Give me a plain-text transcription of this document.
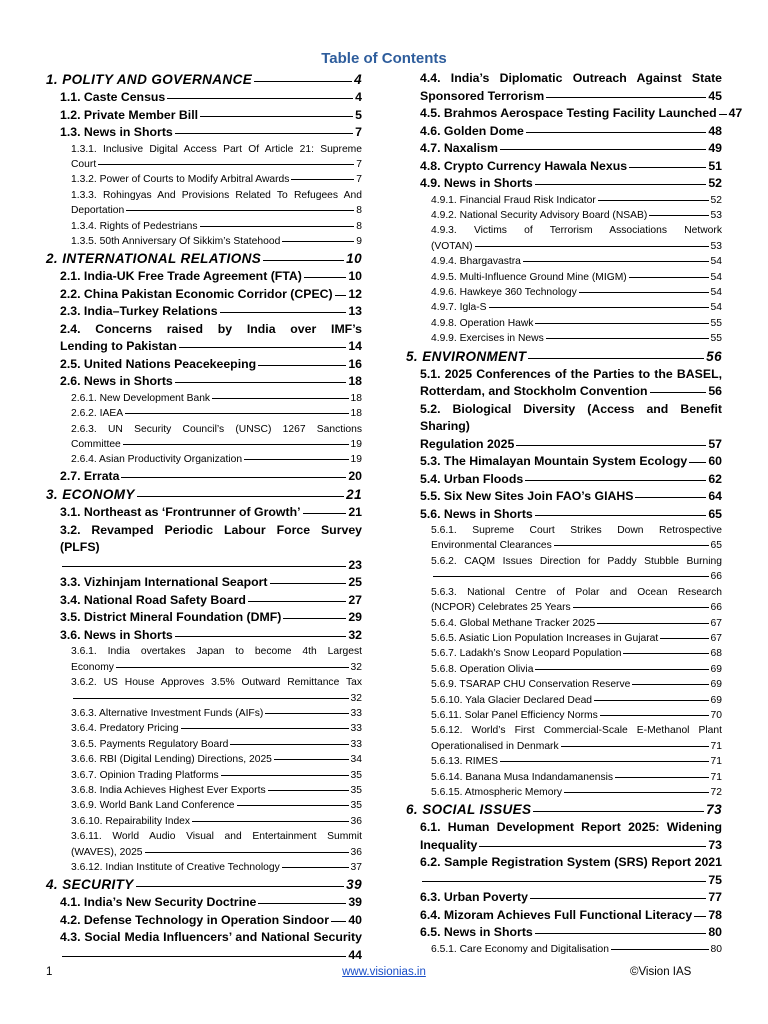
Table of Contents
1. POLITY AND GOVERNANCE	4
1.1. Caste Census	4
1.2. Private Member Bill	5
1.3. News in Shorts	7
1.3.1. Inclusive Digital Access Part Of Article 21: Supreme
Court	7
1.3.2. Power of Courts to Modify Arbitral Awards	7
1.3.3. Rohingyas And Provisions Related To Refugees And
Deportation	8
1.3.4. Rights of Pedestrians	8
1.3.5. 50th Anniversary Of Sikkim’s Statehood	9
2. INTERNATIONAL RELATIONS	10
2.1. India-UK Free Trade Agreement (FTA)	10
2.2. China Pakistan Economic Corridor (CPEC) 12
2.3. India–Turkey Relations	13
2.4. Concerns raised by India over IMF’s
Lending to Pakistan	14
2.5. United Nations Peacekeeping	16
2.6. News in Shorts	18
2.6.1. New Development Bank	18
2.6.2. IAEA	18
2.6.3. UN Security Council’s (UNSC) 1267 Sanctions
Committee	19
2.6.4. Asian Productivity Organization	19
2.7. Errata	20
3. ECONOMY	21
3.1. Northeast as ‘Frontrunner of Growth’	21
3.2. Revamped Periodic Labour Force Survey (PLFS)
23
3.3. Vizhinjam International Seaport	25
3.4. National Road Safety Board	27
3.5. District Mineral Foundation (DMF)	29
3.6. News in Shorts	32
3.6.1. India overtakes Japan to become 4th Largest
Economy	32
3.6.2. US House Approves 3.5% Outward Remittance Tax
32
3.6.3. Alternative Investment Funds (AIFs)	33
3.6.4. Predatory Pricing	33
3.6.5. Payments Regulatory Board	33
3.6.6. RBI (Digital Lending) Directions, 2025	34
3.6.7. Opinion Trading Platforms	35
3.6.8. India Achieves Highest Ever Exports	35
3.6.9. World Bank Land Conference	35
3.6.10. Repairability Index	36
3.6.11. World Audio Visual and Entertainment Summit
(WAVES), 2025	36
3.6.12. Indian Institute of Creative Technology	37
4. SECURITY	39
4.1. India’s New Security Doctrine	39
4.2. Defense Technology in Operation Sindoor 40
4.3. Social Media Influencers’ and National Security
44
4.4. India’s Diplomatic Outreach Against State
Sponsored Terrorism	45
4.5. Brahmos Aerospace Testing Facility Launched 47
4.6. Golden Dome	48
4.7. Naxalism	49
4.8. Crypto Currency Hawala Nexus	51
4.9. News in Shorts	52
4.9.1. Financial Fraud Risk Indicator	52
4.9.2. National Security Advisory Board (NSAB)	53
4.9.3. Victims of Terrorism Associations Network
(VOTAN)	53
4.9.4. Bhargavastra	54
4.9.5. Multi-Influence Ground Mine (MIGM)	54
4.9.6. Hawkeye 360 Technology	54
4.9.7. Igla-S	54
4.9.8. Operation Hawk	55
4.9.9. Exercises in News	55
5. ENVIRONMENT	56
5.1. 2025 Conferences of the Parties to the BASEL,
Rotterdam, and Stockholm Convention	56
5.2. Biological Diversity (Access and Benefit Sharing)
Regulation 2025	57
5.3. The Himalayan Mountain System Ecology 60
5.4. Urban Floods	62
5.5. Six New Sites Join FAO’s GIAHS	64
5.6. News in Shorts	65
5.6.1. Supreme Court Strikes Down Retrospective
Environmental Clearances	65
5.6.2. CAQM Issues Direction for Paddy Stubble Burning
66
5.6.3. National Centre of Polar and Ocean Research
(NCPOR) Celebrates 25 Years	66
5.6.4. Global Methane Tracker 2025	67
5.6.5. Asiatic Lion Population Increases in Gujarat	67
5.6.7. Ladakh’s Snow Leopard Population	68
5.6.8. Operation Olivia	69
5.6.9. TSARAP CHU Conservation Reserve	69
5.6.10. Yala Glacier Declared Dead	69
5.6.11. Solar Panel Efficiency Norms	70
5.6.12. World’s First Commercial-Scale E-Methanol Plant
Operationalised in Denmark	71
5.6.13. RIMES	71
5.6.14. Banana Musa Indandamanensis	71
5.6.15. Atmospheric Memory	72
6. SOCIAL ISSUES	73
6.1. Human Development Report 2025: Widening
Inequality	73
6.2. Sample Registration System (SRS) Report 2021
75
6.3. Urban Poverty	77
6.4. Mizoram Achieves Full Functional Literacy 78
6.5. News in Shorts	80
6.5.1. Care Economy and Digitalisation	80
1	www.visionias.in	©Vision IAS
